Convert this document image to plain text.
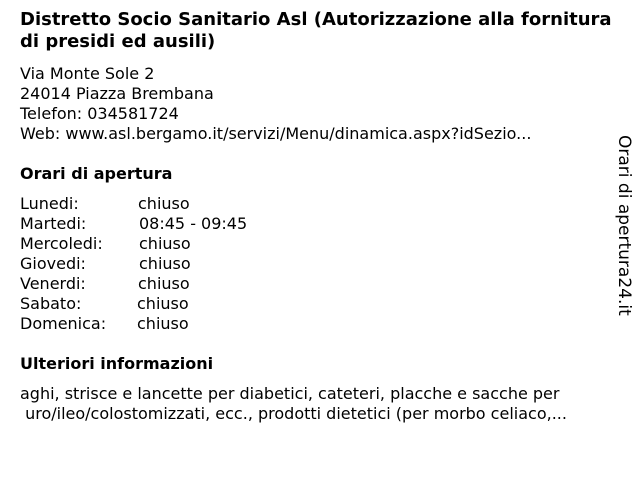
Distretto Socio Sanitario Asl (Autorizzazione alla fornitura di presidi ed ausili)
Via Monte Sole 2
24014 Piazza Brembana
Telefon: 034581724
Web: www.asl.bergamo.it/servizi/Menu/dinamica.aspx?idSezio...
Orari di apertura
Lunedi:	chiuso
Martedi:	08:45 - 09:45
Mercoledi: chiuso
Giovedi:	chiuso
Venerdi:	chiuso
Sabato:	chiuso
Domenica: chiuso
Ulteriori informazioni
aghi, strisce e lancette per diabetici, cateteri, placche e sacche per
uro/ileo/colostomizzati, ecc., prodotti dietetici (per morbo celiaco,...
Orari di apertura24.it
